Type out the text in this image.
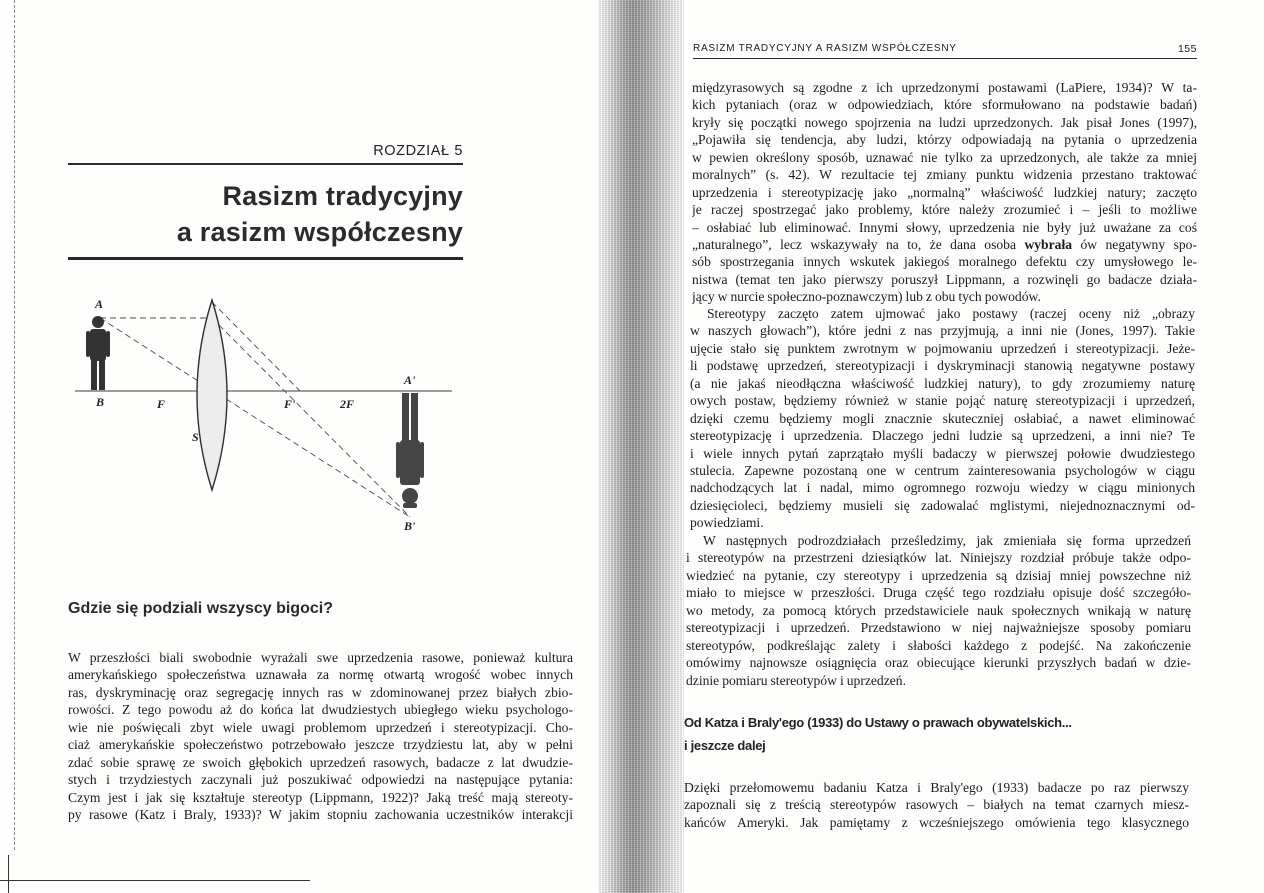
ROZDZIAŁ 5
Rasizm tradycyjny
a rasizm współczesny
A
B	F
S
F'	2F
A'
B'
Gdzie się podziali wszyscy bigoci?
W przeszłości biali swobodnie wyrażali swe uprzedzenia rasowe, ponieważ kultura
amerykańskiego społeczeństwa uznawała za normę otwartą wrogość wobec innych
ras, dyskryminację oraz segregację innych ras w zdominowanej przez białych zbio-
rowości. Z tego powodu aż do końca lat dwudziestych ubiegłego wieku psychologo-
wie nie poświęcali zbyt wiele uwagi problemom uprzedzeń i stereotypizacji. Cho-
ciaż amerykańskie społeczeństwo potrzebowało jeszcze trzydziestu lat, aby w pełni
zdać sobie sprawę ze swoich głębokich uprzedzeń rasowych, badacze z lat dwudzie-
stych i trzydziestych zaczynali już poszukiwać odpowiedzi na następujące pytania:
Czym jest i jak się kształtuje stereotyp (Lippmann, 1922)? Jaką treść mają stereoty-
py rasowe (Katz i Braly, 1933)? W jakim stopniu zachowania uczestników interakcji
RASIZM TRADYCYJNY A RASIZM WSPÓŁCZESNY	155
międzyrasowych są zgodne z ich uprzedzonymi postawami (LaPiere, 1934)? W ta-
kich pytaniach (oraz w odpowiedziach, które sformułowano na podstawie badań)
kryły się początki nowego spojrzenia na ludzi uprzedzonych. Jak pisał Jones (1997),
„Pojawiła się tendencja, aby ludzi, którzy odpowiadają na pytania o uprzedzenia
w pewien określony sposób, uznawać nie tylko za uprzedzonych, ale także za mniej
moralnych” (s. 42). W rezultacie tej zmiany punktu widzenia przestano traktować
uprzedzenia i stereotypizację jako „normalną” właściwość ludzkiej natury; zaczęto
je raczej spostrzegać jako problemy, które należy zrozumieć i – jeśli to możliwe
– osłabiać lub eliminować. Innymi słowy, uprzedzenia nie były już uważane za coś
„naturalnego”, lecz wskazywały na to, że dana osoba wybrała ów negatywny spo-
sób spostrzegania innych wskutek jakiegoś moralnego defektu czy umysłowego le-
nistwa (temat ten jako pierwszy poruszył Lippmann, a rozwinęli go badacze działa-
jący w nurcie społeczno-poznawczym) lub z obu tych powodów.
Stereotypy zaczęto zatem ujmować jako postawy (raczej oceny niż „obrazy
w naszych głowach”), które jedni z nas przyjmują, a inni nie (Jones, 1997). Takie
ujęcie stało się punktem zwrotnym w pojmowaniu uprzedzeń i stereotypizacji. Jeże-
li podstawę uprzedzeń, stereotypizacji i dyskryminacji stanowią negatywne postawy
(a nie jakaś nieodłączna właściwość ludzkiej natury), to gdy zrozumiemy naturę
owych postaw, będziemy również w stanie pojąć naturę stereotypizacji i uprzedzeń,
dzięki czemu będziemy mogli znacznie skuteczniej osłabiać, a nawet eliminować
stereotypizację i uprzedzenia. Dlaczego jedni ludzie są uprzedzeni, a inni nie? Te
i wiele innych pytań zaprzątało myśli badaczy w pierwszej połowie dwudziestego
stulecia. Zapewne pozostaną one w centrum zainteresowania psychologów w ciągu
nadchodzących lat i nadal, mimo ogromnego rozwoju wiedzy w ciągu minionych
dziesięcioleci, będziemy musieli się zadowalać mglistymi, niejednoznacznymi od-
powiedziami.
W następnych podrozdziałach prześledzimy, jak zmieniała się forma uprzedzeń
i stereotypów na przestrzeni dziesiątków lat. Niniejszy rozdział próbuje także odpo-
wiedzieć na pytanie, czy stereotypy i uprzedzenia są dzisiaj mniej powszechne niż
miało to miejsce w przeszłości. Druga część tego rozdziału opisuje dość szczegóło-
wo metody, za pomocą których przedstawiciele nauk społecznych wnikają w naturę
stereotypizacji i uprzedzeń. Przedstawiono w niej najważniejsze sposoby pomiaru
stereotypów, podkreślając zalety i słabości każdego z podejść. Na zakończenie
omówimy najnowsze osiągnięcia oraz obiecujące kierunki przyszłych badań w dzie-
dzinie pomiaru stereotypów i uprzedzeń.
Od Katza i Braly'ego (1933) do Ustawy o prawach obywatelskich...
i jeszcze dalej
Dzięki przełomowemu badaniu Katza i Braly'ego (1933) badacze po raz pierwszy
zapoznali się z treścią stereotypów rasowych – białych na temat czarnych miesz-
kańców Ameryki. Jak pamiętamy z wcześniejszego omówienia tego klasycznego
